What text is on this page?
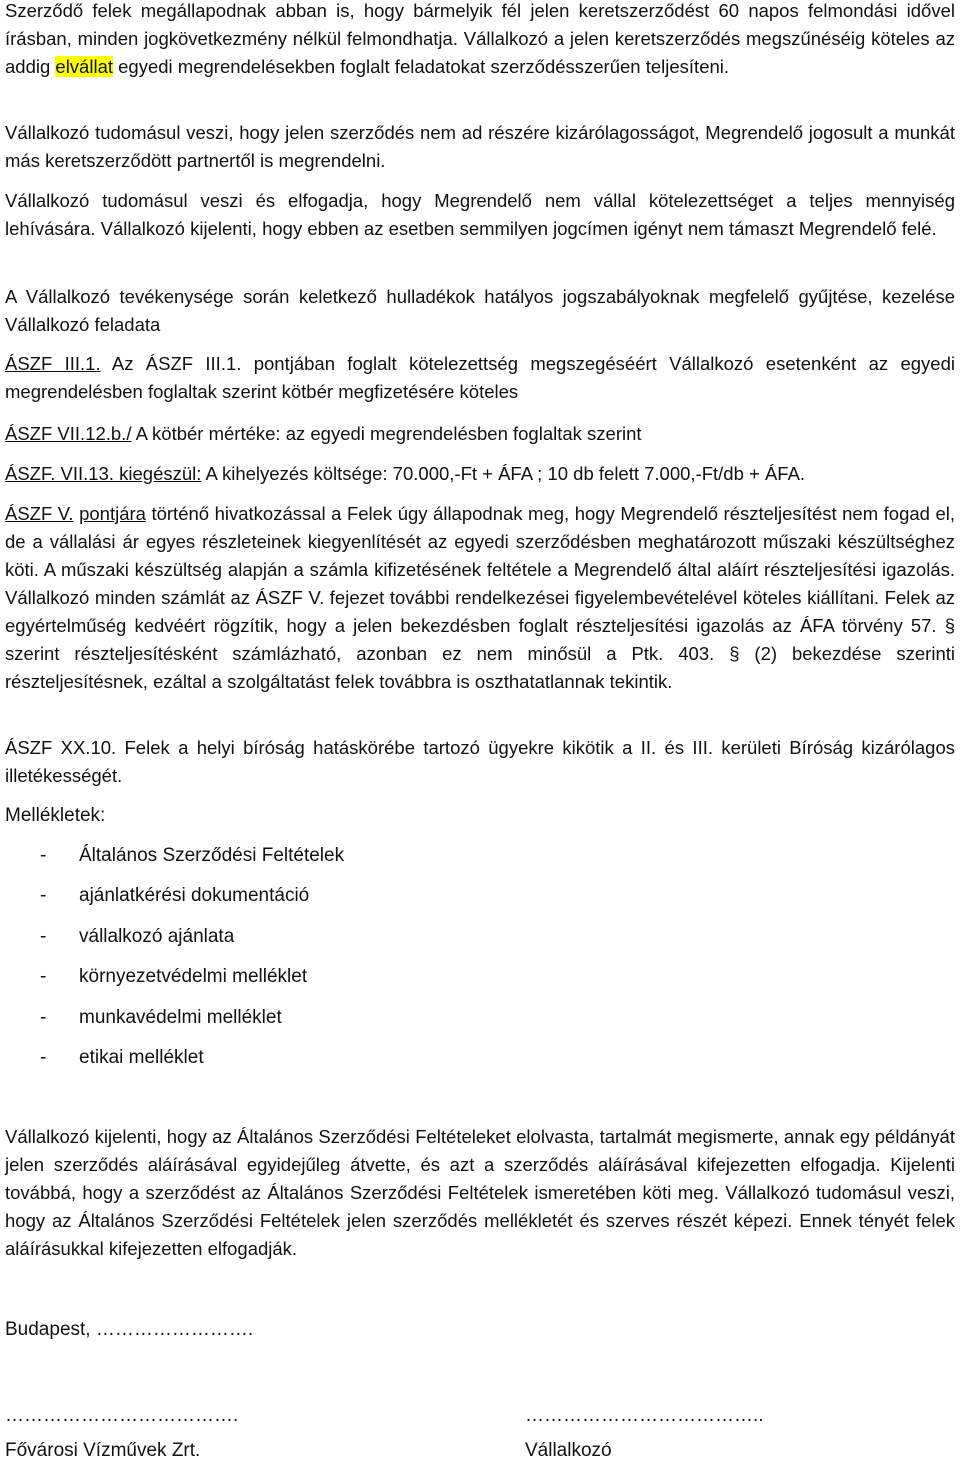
Szerződő felek megállapodnak abban is, hogy bármelyik fél jelen keretszerződést 60 napos felmondási idővel írásban, minden jogkövetkezmény nélkül felmondhatja. Vállalkozó a jelen keretszerződés megszűnéséig köteles az addig elvállat egyedi megrendelésekben foglalt feladatokat szerződésszerűen teljesíteni.

Vállalkozó tudomásul veszi, hogy jelen szerződés nem ad részére kizárólagosságot, Megrendelő jogosult a munkát más keretszerződött partnertől is megrendelni.

Vállalkozó tudomásul veszi és elfogadja, hogy Megrendelő nem vállal kötelezettséget a teljes mennyiség lehívására. Vállalkozó kijelenti, hogy ebben az esetben semmilyen jogcímen igényt nem támaszt Megrendelő felé.

A Vállalkozó tevékenysége során keletkező hulladékok hatályos jogszabályoknak megfelelő gyűjtése, kezelése Vállalkozó feladata

ÁSZF III.1. Az ÁSZF III.1. pontjában foglalt kötelezettség megszegéséért Vállalkozó esetenként az egyedi megrendelésben foglaltak szerint kötbér megfizetésére köteles

ÁSZF VII.12.b./ A kötbér mértéke: az egyedi megrendelésben foglaltak szerint

ÁSZF. VII.13. kiegészül: A kihelyezés költsége: 70.000,-Ft + ÁFA ; 10 db felett 7.000,-Ft/db + ÁFA.

ÁSZF V. pontjára történő hivatkozással a Felek úgy állapodnak meg, hogy Megrendelő részteljesítést nem fogad el, de a vállalási ár egyes részleteinek kiegyenlítését az egyedi szerződésben meghatározott műszaki készültséghez köti. A műszaki készültség alapján a számla kifizetésének feltétele a Megrendelő által aláírt részteljesítési igazolás. Vállalkozó minden számlát az ÁSZF V. fejezet további rendelkezései figyelembevételével köteles kiállítani. Felek az egyértelműség kedvéért rögzítik, hogy a jelen bekezdésben foglalt részteljesítési igazolás az ÁFA törvény 57. § szerint részteljesítésként számlázható, azonban ez nem minősül a Ptk. 403. § (2) bekezdése szerinti részteljesítésnek, ezáltal a szolgáltatást felek továbbra is oszthatatlannak tekintik.

ÁSZF XX.10. Felek a helyi bíróság hatáskörébe tartozó ügyekre kikötik a II. és III. kerületi Bíróság kizárólagos illetékességét.

Mellékletek:

-	Általános Szerződési Feltételek
-	ajánlatkérési dokumentáció
-	vállalkozó ajánlata
-	környezetvédelmi melléklet
-	munkavédelmi melléklet
-	etikai melléklet

Vállalkozó kijelenti, hogy az Általános Szerződési Feltételeket elolvasta, tartalmát megismerte, annak egy példányát jelen szerződés aláírásával egyidejűleg átvette, és azt a szerződés aláírásával kifejezetten elfogadja. Kijelenti továbbá, hogy a szerződést az Általános Szerződési Feltételek ismeretében köti meg. Vállalkozó tudomásul veszi, hogy az Általános Szerződési Feltételek jelen szerződés mellékletét és szerves részét képezi. Ennek tényét felek aláírásukkal kifejezetten elfogadják.

Budapest, …………………….

……………………………….	………………………………..

Fővárosi Vízművek Zrt.	Vállalkozó
